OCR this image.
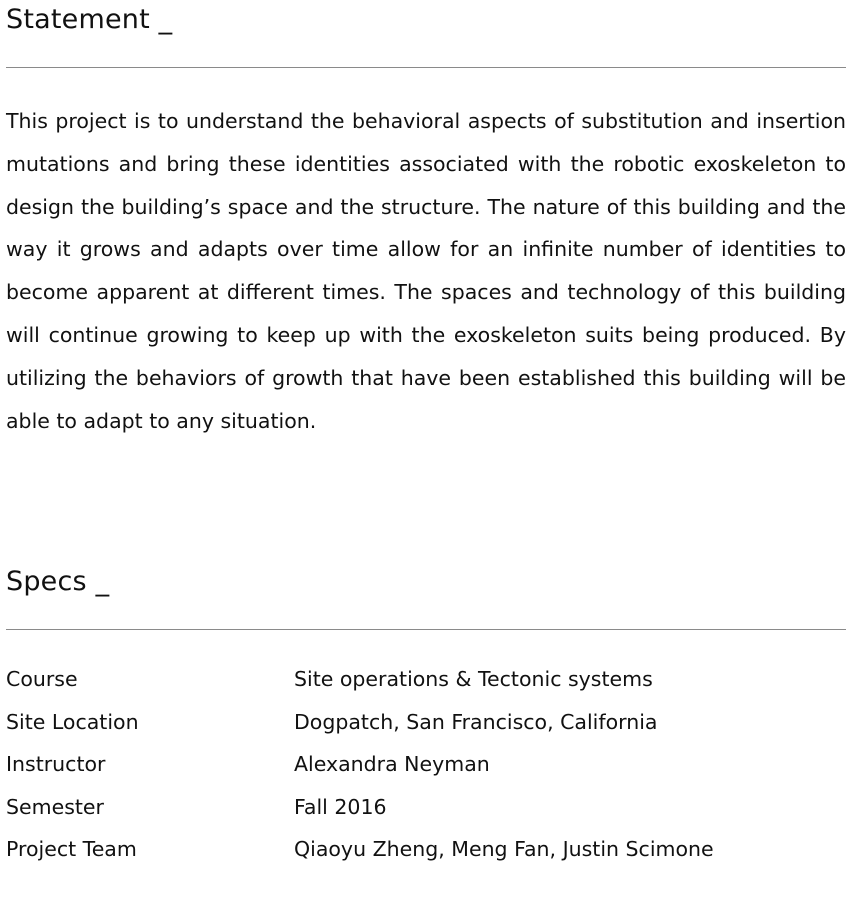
Statement _

This project is to understand the behavioral aspects of substitution and insertion mutations and bring these identities associated with the robotic exoskeleton to design the building’s space and the structure. The nature of this building and the way it grows and adapts over time allow for an infinite number of identities to become apparent at different times. The spaces and technology of this building will continue growing to keep up with the exoskeleton suits being produced. By utilizing the behaviors of growth that have been established this building will be able to adapt to any situation.

Specs _
Course	Site operations & Tectonic systems
Site Location	Dogpatch, San Francisco, California
Instructor	Alexandra Neyman
Semester	Fall 2016
Project Team	Qiaoyu Zheng, Meng Fan, Justin Scimone
